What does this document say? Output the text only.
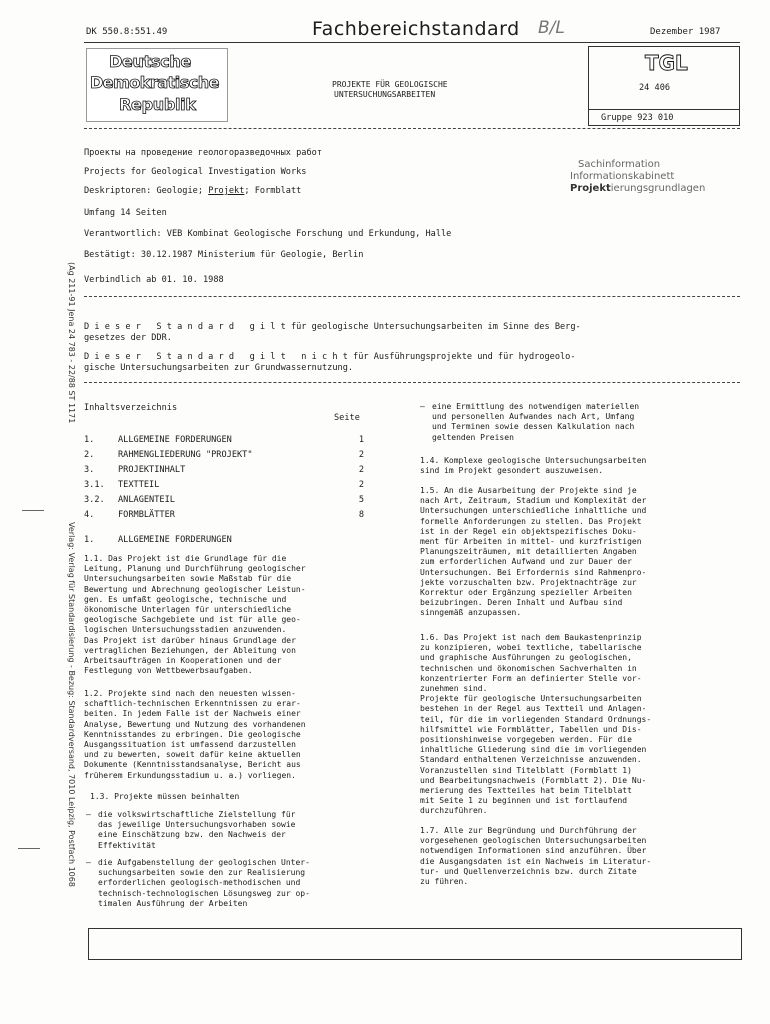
DK 550.8:551.49	Fachbereichstandard B/L	Dezember 1987
Deutsche
Demokratische
Republik
PROJEKTE FÜR GEOLOGISCHE
UNTERSUCHUNGSARBEITEN
TGL
24 406
Gruppe 923 010
Sachinformation
Informationskabinett
Projektierungsgrundlagen
Проекты на проведение геологоразведочных работ
Projects for Geological Investigation Works
Deskriptoren: Geologie; Projekt; Formblatt
Umfang 14 Seiten
Verantwortlich: VEB Kombinat Geologische Forschung und Erkundung, Halle
Bestätigt: 30.12.1987 Ministerium für Geologie, Berlin
Verbindlich ab 01. 10. 1988
D i e s e r   S t a n d a r d   g i l t für geologische Untersuchungsarbeiten im Sinne des Berg-
gesetzes der DDR.
D i e s e r   S t a n d a r d   g i l t   n i c h t für Ausführungsprojekte und für hydrogeolo-
gische Untersuchungsarbeiten zur Grundwassernutzung.
Inhaltsverzeichnis
Seite
1.	ALLGEMEINE FORDERUNGEN	1
2.	RAHMENGLIEDERUNG "PROJEKT"	2
3.	PROJEKTINHALT	2
3.1. TEXTTEIL	2
3.2. ANLAGENTEIL	5
4.	FORMBLÄTTER	8
1.	ALLGEMEINE FORDERUNGEN
1.1. Das Projekt ist die Grundlage für die
Leitung, Planung und Durchführung geologischer
Untersuchungsarbeiten sowie Maßstab für die
Bewertung und Abrechnung geologischer Leistun-
gen. Es umfaßt geologische, technische und
ökonomische Unterlagen für unterschiedliche
geologische Sachgebiete und ist für alle geo-
logischen Untersuchungsstadien anzuwenden.
Das Projekt ist darüber hinaus Grundlage der
vertraglichen Beziehungen, der Ableitung von
Arbeitsaufträgen in Kooperationen und der
Festlegung von Wettbewerbsaufgaben.
1.2. Projekte sind nach den neuesten wissen-
schaftlich-technischen Erkenntnissen zu erar-
beiten. In jedem Falle ist der Nachweis einer
Analyse, Bewertung und Nutzung des vorhandenen
Kenntnisstandes zu erbringen. Die geologische
Ausgangssituation ist umfassend darzustellen
und zu bewerten, soweit dafür keine aktuellen
Dokumente (Kenntnisstandsanalyse, Bericht aus
früherem Erkundungsstadium u. a.) vorliegen.
1.3. Projekte müssen beinhalten
– die volkswirtschaftliche Zielstellung für
das jeweilige Untersuchungsvorhaben sowie
eine Einschätzung bzw. den Nachweis der
Effektivität
– die Aufgabenstellung der geologischen Unter-
suchungsarbeiten sowie den zur Realisierung
erforderlichen geologisch-methodischen und
technisch-technologischen Lösungsweg zur op-
timalen Ausführung der Arbeiten
– eine Ermittlung des notwendigen materiellen
und personellen Aufwandes nach Art, Umfang
und Terminen sowie dessen Kalkulation nach
geltenden Preisen
1.4. Komplexe geologische Untersuchungsarbeiten
sind im Projekt gesondert auszuweisen.
1.5. An die Ausarbeitung der Projekte sind je
nach Art, Zeitraum, Stadium und Komplexität der
Untersuchungen unterschiedliche inhaltliche und
formelle Anforderungen zu stellen. Das Projekt
ist in der Regel ein objektspezifisches Doku-
ment für Arbeiten in mittel- und kurzfristigen
Planungszeiträumen, mit detaillierten Angaben
zum erforderlichen Aufwand und zur Dauer der
Untersuchungen. Bei Erfordernis sind Rahmenpro-
jekte vorzuschalten bzw. Projektnachträge zur
Korrektur oder Ergänzung spezieller Arbeiten
beizubringen. Deren Inhalt und Aufbau sind
sinngemäß anzupassen.
1.6. Das Projekt ist nach dem Baukastenprinzip
zu konzipieren, wobei textliche, tabellarische
und graphische Ausführungen zu geologischen,
technischen und ökonomischen Sachverhalten in
konzentrierter Form an definierter Stelle vor-
zunehmen sind.
Projekte für geologische Untersuchungsarbeiten
bestehen in der Regel aus Textteil und Anlagen-
teil, für die im vorliegenden Standard Ordnungs-
hilfsmittel wie Formblätter, Tabellen und Dis-
positionshinweise vorgegeben werden. Für die
inhaltliche Gliederung sind die im vorliegenden
Standard enthaltenen Verzeichnisse anzuwenden.
Voranzustellen sind Titelblatt (Formblatt 1)
und Bearbeitungsnachweis (Formblatt 2). Die Nu-
merierung des Textteiles hat beim Titelblatt
mit Seite 1 zu beginnen und ist fortlaufend
durchzuführen.
1.7. Alle zur Begründung und Durchführung der
vorgesehenen geologischen Untersuchungsarbeiten
notwendigen Informationen sind anzuführen. Über
die Ausgangsdaten ist ein Nachweis im Literatur-
tur- und Quellenverzeichnis bzw. durch Zitate
zu führen.
(Ag 211-91 Jena 24 783 - 22/88 ST 1171
Verlag: Verlag für Standardisierung - Bezug: Standardversand, 7010 Leipzig, Postfach 1068
